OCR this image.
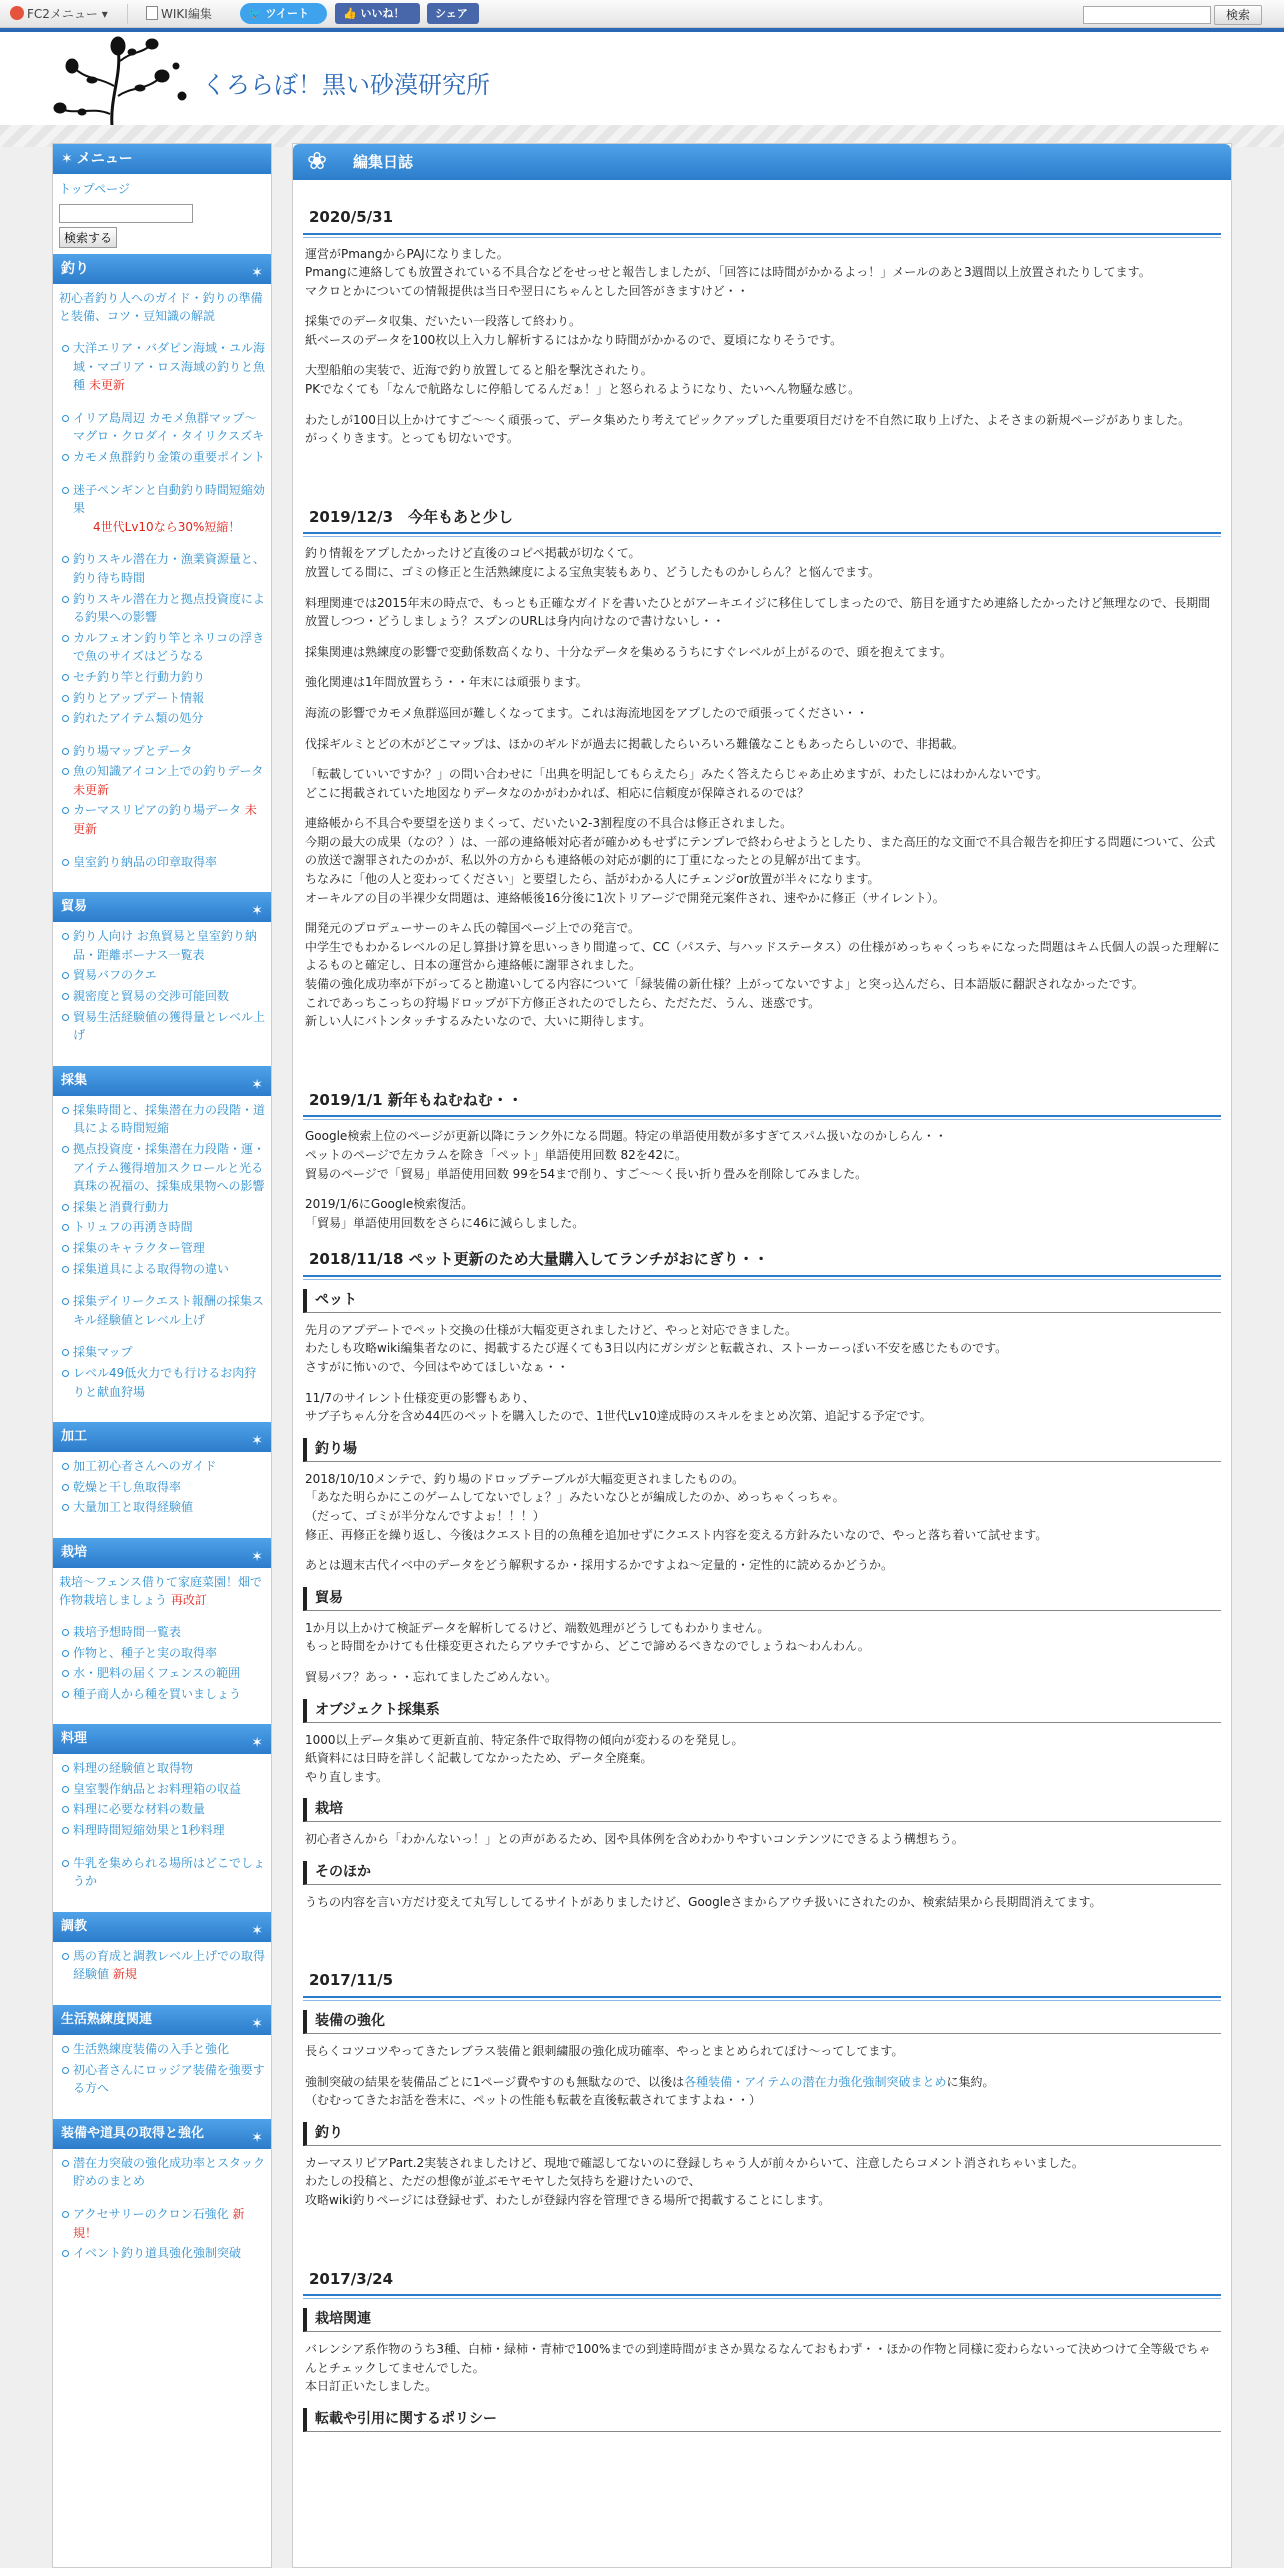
FC2メニュー ▾	WIKI編集	🐦 ツイート	👍 いいね！	シェア	検索
くろらぼ！黒い砂漠研究所
✶ メニュー
トップページ
検索する
釣り	✶
初心者釣り人へのガイド・釣りの準備と装備、コツ・豆知識の解説
大洋エリア・バダピン海域・ユル海域・マゴリア・ロス海域の釣りと魚種 未更新
イリア島周辺 カモメ魚群マップ～マグロ・クロダイ・タイリクスズキ
カモメ魚群釣り金策の重要ポイント
迷子ペンギンと自動釣り時間短縮効果
4世代Lv10なら30%短縮！
釣りスキル潜在力・漁業資源量と、釣り待ち時間
釣りスキル潜在力と拠点投資度による釣果への影響
カルフェオン釣り竿とネリコの浮きで魚のサイズはどうなる
セチ釣り竿と行動力釣り
釣りとアップデート情報
釣れたアイテム類の処分
釣り場マップとデータ
魚の知識アイコン上での釣りデータ 未更新
カーマスリピアの釣り場データ 未更新
皇室釣り納品の印章取得率
貿易	✶
釣り人向け お魚貿易と皇室釣り納品・距離ボーナス一覧表
貿易バフのクエ
親密度と貿易の交渉可能回数
貿易生活経験値の獲得量とレベル上げ
採集	✶
採集時間と、採集潜在力の段階・道具による時間短縮
拠点投資度・採集潜在力段階・運・アイテム獲得増加スクロールと光る真珠の祝福の、採集成果物への影響
採集と消費行動力
トリュフの再湧き時間
採集のキャラクター管理
採集道具による取得物の違い
採集デイリークエスト報酬の採集スキル経験値とレベル上げ
採集マップ
レベル49低火力でも行けるお肉狩りと献血狩場
加工	✶
加工初心者さんへのガイド
乾燥と干し魚取得率
大量加工と取得経験値
栽培	✶
栽培～フェンス借りて家庭菜園！畑で作物栽培しましょう 再改訂
栽培予想時間一覧表
作物と、種子と実の取得率
水・肥料の届くフェンスの範囲
種子商人から種を買いましょう
料理	✶
料理の経験値と取得物
皇室製作納品とお料理箱の収益
料理に必要な材料の数量
料理時間短縮効果と1秒料理
牛乳を集められる場所はどこでしょうか
調教	✶
馬の育成と調教レベル上げでの取得経験値 新規
生活熟練度関連	✶
生活熟練度装備の入手と強化
初心者さんにロッジア装備を強要する方へ
装備や道具の取得と強化	✶
潜在力突破の強化成功率とスタック貯めのまとめ
アクセサリーのクロン石強化 新規！
イベント釣り道具強化強制突破
❀ 編集日誌
2020/5/31
運営がPmangからPAJになりました。
Pmangに連絡しても放置されている不具合などをせっせと報告しましたが、「回答には時間がかかるよっ！」メールのあと3週間以上放置されたりしてます。
マクロとかについての情報提供は当日や翌日にちゃんとした回答がきますけど・・
採集でのデータ収集、だいたい一段落して終わり。
紙ベースのデータを100枚以上入力し解析するにはかなり時間がかかるので、夏頃になりそうです。
大型船舶の実装で、近海で釣り放置してると船を撃沈されたり。
PKでなくても「なんで航路なしに停船してるんだぁ！」と怒られるようになり、たいへん物騒な感じ。
わたしが100日以上かけてすご～～く頑張って、データ集めたり考えてピックアップした重要項目だけを不自然に取り上げた、よそさまの新規ページがありました。
がっくりきます。とっても切ないです。
2019/12/3　今年もあと少し
釣り情報をアプしたかったけど直後のコピペ掲載が切なくて。
放置してる間に、ゴミの修正と生活熟練度による宝魚実装もあり、どうしたものかしらん？と悩んでます。
料理関連では2015年末の時点で、もっとも正確なガイドを書いたひとがアーキエイジに移住してしまったので、筋目を通すため連絡したかったけど無理なので、長期間放置しつつ・どうしましょう？スプンのURLは身内向けなので書けないし・・
採集関連は熟練度の影響で変動係数高くなり、十分なデータを集めるうちにすぐレベルが上がるので、頭を抱えてます。
強化関連は1年間放置ちう・・年末には頑張ります。
海流の影響でカモメ魚群巡回が難しくなってます。これは海流地図をアプしたので頑張ってください・・
伐採ギルミとどの木がどこマップは、ほかのギルドが過去に掲載したらいろいろ難儀なこともあったらしいので、非掲載。
「転載していいですか？」の問い合わせに「出典を明記してもらえたら」みたく答えたらじゃあ止めますが、わたしにはわかんないです。
どこに掲載されていた地図なりデータなのかがわかれば、相応に信頼度が保障されるのでは？
連絡帳から不具合や要望を送りまくって、だいたい2-3割程度の不具合は修正されました。
今期の最大の成果（なの？）は、一部の連絡帳対応者が確かめもせずにテンプレで終わらせようとしたり、また高圧的な文面で不具合報告を抑圧する問題について、公式の放送で謝罪されたのかが、私以外の方からも連絡帳の対応が劇的に丁重になったとの見解が出てます。
ちなみに「他の人と変わってください」と要望したら、話がわかる人にチェンジor放置が半々になります。
オーキルアの目の半裸少女問題は、連絡帳後16分後に1次トリアージで開発元案件され、速やかに修正（サイレント）。
開発元のプロデューサーのキム氏の韓国ページ上での発言で。
中学生でもわかるレベルの足し算掛け算を思いっきり間違って、CC（パステ、与ハッドステータス）の仕様がめっちゃくっちゃになった問題はキム氏個人の誤った理解によるものと確定し、日本の運営から連絡帳に謝罪されました。
装備の強化成功率が下がってると勘違いしてる内容について「緑装備の新仕様？上がってないですよ」と突っ込んだら、日本語版に翻訳されなかったです。
これであっちこっちの狩場ドロップが下方修正されたのでしたら、ただただ、うん、迷惑です。
新しい人にバトンタッチするみたいなので、大いに期待します。
2019/1/1 新年もねむねむ・・
Google検索上位のページが更新以降にランク外になる問題。特定の単語使用数が多すぎてスパム扱いなのかしらん・・
ペットのページで左カラムを除き「ペット」単語使用回数 82を42に。
貿易のページで「貿易」単語使用回数 99を54まで削り、すご～～く長い折り畳みを削除してみました。
2019/1/6にGoogle検索復活。
「貿易」単語使用回数をさらに46に減らしました。
2018/11/18 ペット更新のため大量購入してランチがおにぎり・・
ペット
先月のアプデートでペット交換の仕様が大幅変更されましたけど、やっと対応できました。
わたしも攻略wiki編集者なのに、掲載するたび遅くても3日以内にガシガシと転載され、ストーカーっぽい不安を感じたものです。
さすがに怖いので、今回はやめてほしいなぁ・・
11/7のサイレント仕様変更の影響もあり、
サブ子ちゃん分を含め44匹のペットを購入したので、1世代Lv10達成時のスキルをまとめ次第、追記する予定です。
釣り場
2018/10/10メンテで、釣り場のドロップテーブルが大幅変更されましたものの。
「あなた明らかにこのゲームしてないでしょ？」みたいなひとが編成したのか、めっちゃくっちゃ。
（だって、ゴミが半分なんですよぉ！！！）
修正、再修正を繰り返し、今後はクエスト目的の魚種を追加せずにクエスト内容を変える方針みたいなので、やっと落ち着いて試せます。
あとは週末古代イベ中のデータをどう解釈するか・採用するかですよね～定量的・定性的に読めるかどうか。
貿易
1か月以上かけて検証データを解析してるけど、端数処理がどうしてもわかりません。
もっと時間をかけても仕様変更されたらアウチですから、どこで諦めるべきなのでしょうね～わんわん。
貿易バフ？あっ・・忘れてましたごめんない。
オブジェクト採集系
1000以上データ集めて更新直前、特定条件で取得物の傾向が変わるのを発見し。
紙資料には日時を詳しく記載してなかったため、データ全廃棄。
やり直します。
栽培
初心者さんから「わかんないっ！」との声があるため、図や具体例を含めわかりやすいコンテンツにできるよう構想ちう。
そのほか
うちの内容を言い方だけ変えて丸写ししてるサイトがありましたけど、Googleさまからアウチ扱いにされたのか、検索結果から長期間消えてます。
2017/11/5
装備の強化
長らくコツコツやってきたレブラス装備と銀刺繍服の強化成功確率、やっとまとめられてぽけ～ってしてます。
強制突破の結果を装備品ごとに1ページ費やすのも無駄なので、以後は各種装備・アイテムの潜在力強化強制突破まとめに集約。
（むむってきたお話を巻末に、ペットの性能も転載を直後転載されてますよね・・）
釣り
カーマスリピアPart.2実装されましたけど、現地で確認してないのに登録しちゃう人が前々からいて、注意したらコメント消されちゃいました。
わたしの投稿と、ただの想像が並ぶモヤモヤした気持ちを避けたいので、
攻略wiki釣りページには登録せず、わたしが登録内容を管理できる場所で掲載することにします。
2017/3/24
栽培関連
バレンシア系作物のうち3種、白柿・緑柿・青柿で100%までの到達時間がまさか異なるなんておもわず・・ほかの作物と同様に変わらないって決めつけて全等級でちゃんとチェックしてませんでした。
本日訂正いたしました。
転載や引用に関するポリシー
